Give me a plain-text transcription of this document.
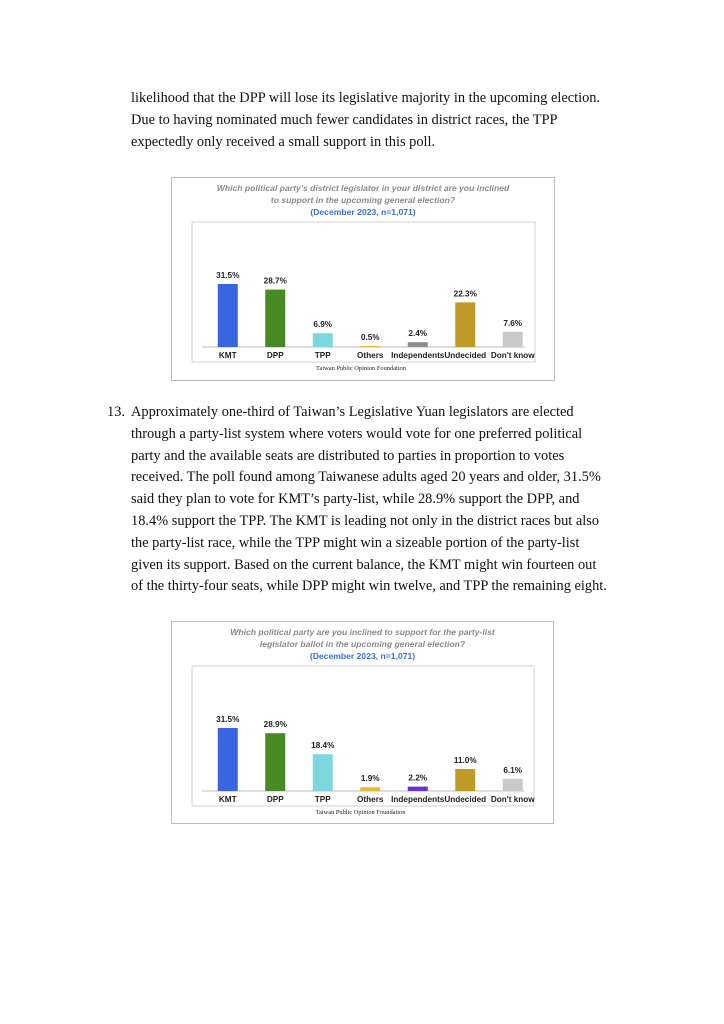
likelihood that the DPP will lose its legislative majority in the upcoming election.
Due to having nominated much fewer candidates in district races, the TPP
expectedly only received a small support in this poll.
Which political party’s district legislator in your district are you inclined
to support in the upcoming general election?
(December 2023, n=1,071)
31.5%
KMT
28.7%
DPP
6.9%
TPP
0.5%
Others
2.4%
Independents
22.3%
Undecided
7.6%
Don't know
Taiwan Public Opinion Foundation
13. Approximately one-third of Taiwan’s Legislative Yuan legislators are elected
through a party-list system where voters would vote for one preferred political
party and the available seats are distributed to parties in proportion to votes
received. The poll found among Taiwanese adults aged 20 years and older, 31.5%
said they plan to vote for KMT’s party-list, while 28.9% support the DPP, and
18.4% support the TPP. The KMT is leading not only in the district races but also
the party-list race, while the TPP might win a sizeable portion of the party-list
given its support. Based on the current balance, the KMT might win fourteen out
of the thirty-four seats, while DPP might win twelve, and TPP the remaining eight.
Which political party are you inclined to support for the party-list
legislator ballot in the upcoming general election?
(December 2023, n=1,071)
31.5%
KMT
28.9%
DPP
18.4%
TPP
1.9%
Others
2.2%
Independents
11.0%
Undecided
6.1%
Don't know
Taiwan Public Opinion Foundation
